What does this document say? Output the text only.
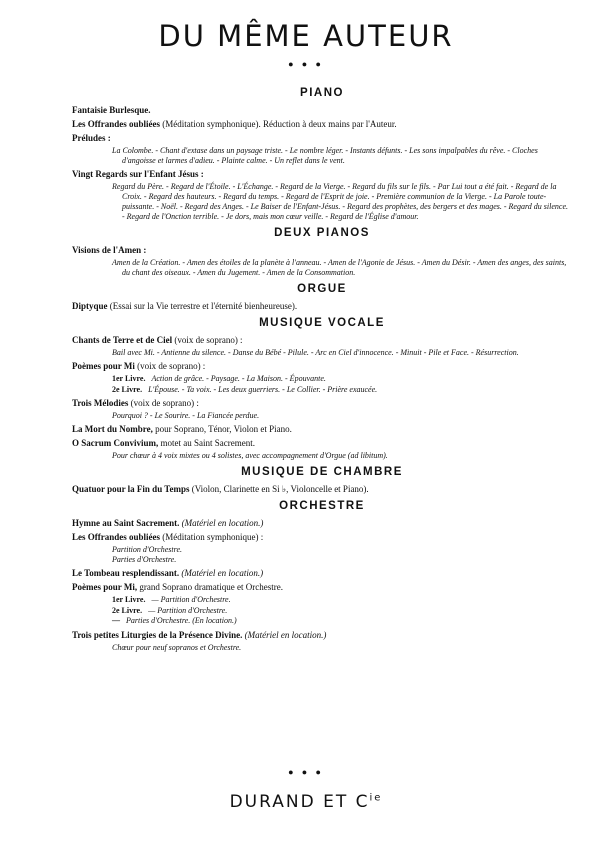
DU MÊME AUTEUR
● ● ●
PIANO
Fantaisie Burlesque.
Les Offrandes oubliées (Méditation symphonique). Réduction à deux mains par l'Auteur.
Préludes :
La Colombe. - Chant d'extase dans un paysage triste. - Le nombre léger. - Instants défunts. - Les sons impalpables du rêve. - Cloches d'angoisse et larmes d'adieu. - Plainte calme. - Un reflet dans le vent.
Vingt Regards sur l'Enfant Jésus :
Regard du Père. - Regard de l'Étoile. - L'Échange. - Regard de la Vierge. - Regard du fils sur le fils. - Par Lui tout a été fait. - Regard de la Croix. - Regard des hauteurs. - Regard du temps. - Regard de l'Esprit de joie. - Première communion de la Vierge. - La Parole toute-puissante. - Noël. - Regard des Anges. - Le Baiser de l'Enfant-Jésus. - Regard des prophètes, des bergers et des mages. - Regard du silence. - Regard de l'Onction terrible. - Je dors, mais mon cœur veille. - Regard de l'Église d'amour.
DEUX PIANOS
Visions de l'Amen :
Amen de la Création. - Amen des étoiles de la planète à l'anneau. - Amen de l'Agonie de Jésus. - Amen du Désir. - Amen des anges, des saints, du chant des oiseaux. - Amen du Jugement. - Amen de la Consommation.
ORGUE
Diptyque (Essai sur la Vie terrestre et l'éternité bienheureuse).
MUSIQUE VOCALE
Chants de Terre et de Ciel (voix de soprano) :
Bail avec Mi. - Antienne du silence. - Danse du Bébé - Pilule. - Arc en Ciel d'innocence. - Minuit - Pile et Face. - Résurrection.
Poèmes pour Mi (voix de soprano) :
1er Livre. Action de grâce. - Paysage. - La Maison. - Épouvante.
2e Livre. L'Épouse. - Ta voix. - Les deux guerriers. - Le Collier. - Prière exaucée.
Trois Mélodies (voix de soprano) :
Pourquoi ? - Le Sourire. - La Fiancée perdue.
La Mort du Nombre, pour Soprano, Ténor, Violon et Piano.
O Sacrum Convivium, motet au Saint Sacrement.
Pour chœur à 4 voix mixtes ou 4 solistes, avec accompagnement d'Orgue (ad libitum).
MUSIQUE DE CHAMBRE
Quatuor pour la Fin du Temps (Violon, Clarinette en Si ♭, Violoncelle et Piano).
ORCHESTRE
Hymne au Saint Sacrement. (Matériel en location.)
Les Offrandes oubliées (Méditation symphonique) :
Partition d'Orchestre.
Parties d'Orchestre.
Le Tombeau resplendissant. (Matériel en location.)
Poèmes pour Mi, grand Soprano dramatique et Orchestre.
1er Livre. — Partition d'Orchestre.
2e Livre. — Partition d'Orchestre.
— Parties d'Orchestre. (En location.)
Trois petites Liturgies de la Présence Divine. (Matériel en location.)
Chœur pour neuf sopranos et Orchestre.
● ● ●
DURAND ET $C^{ie}$
